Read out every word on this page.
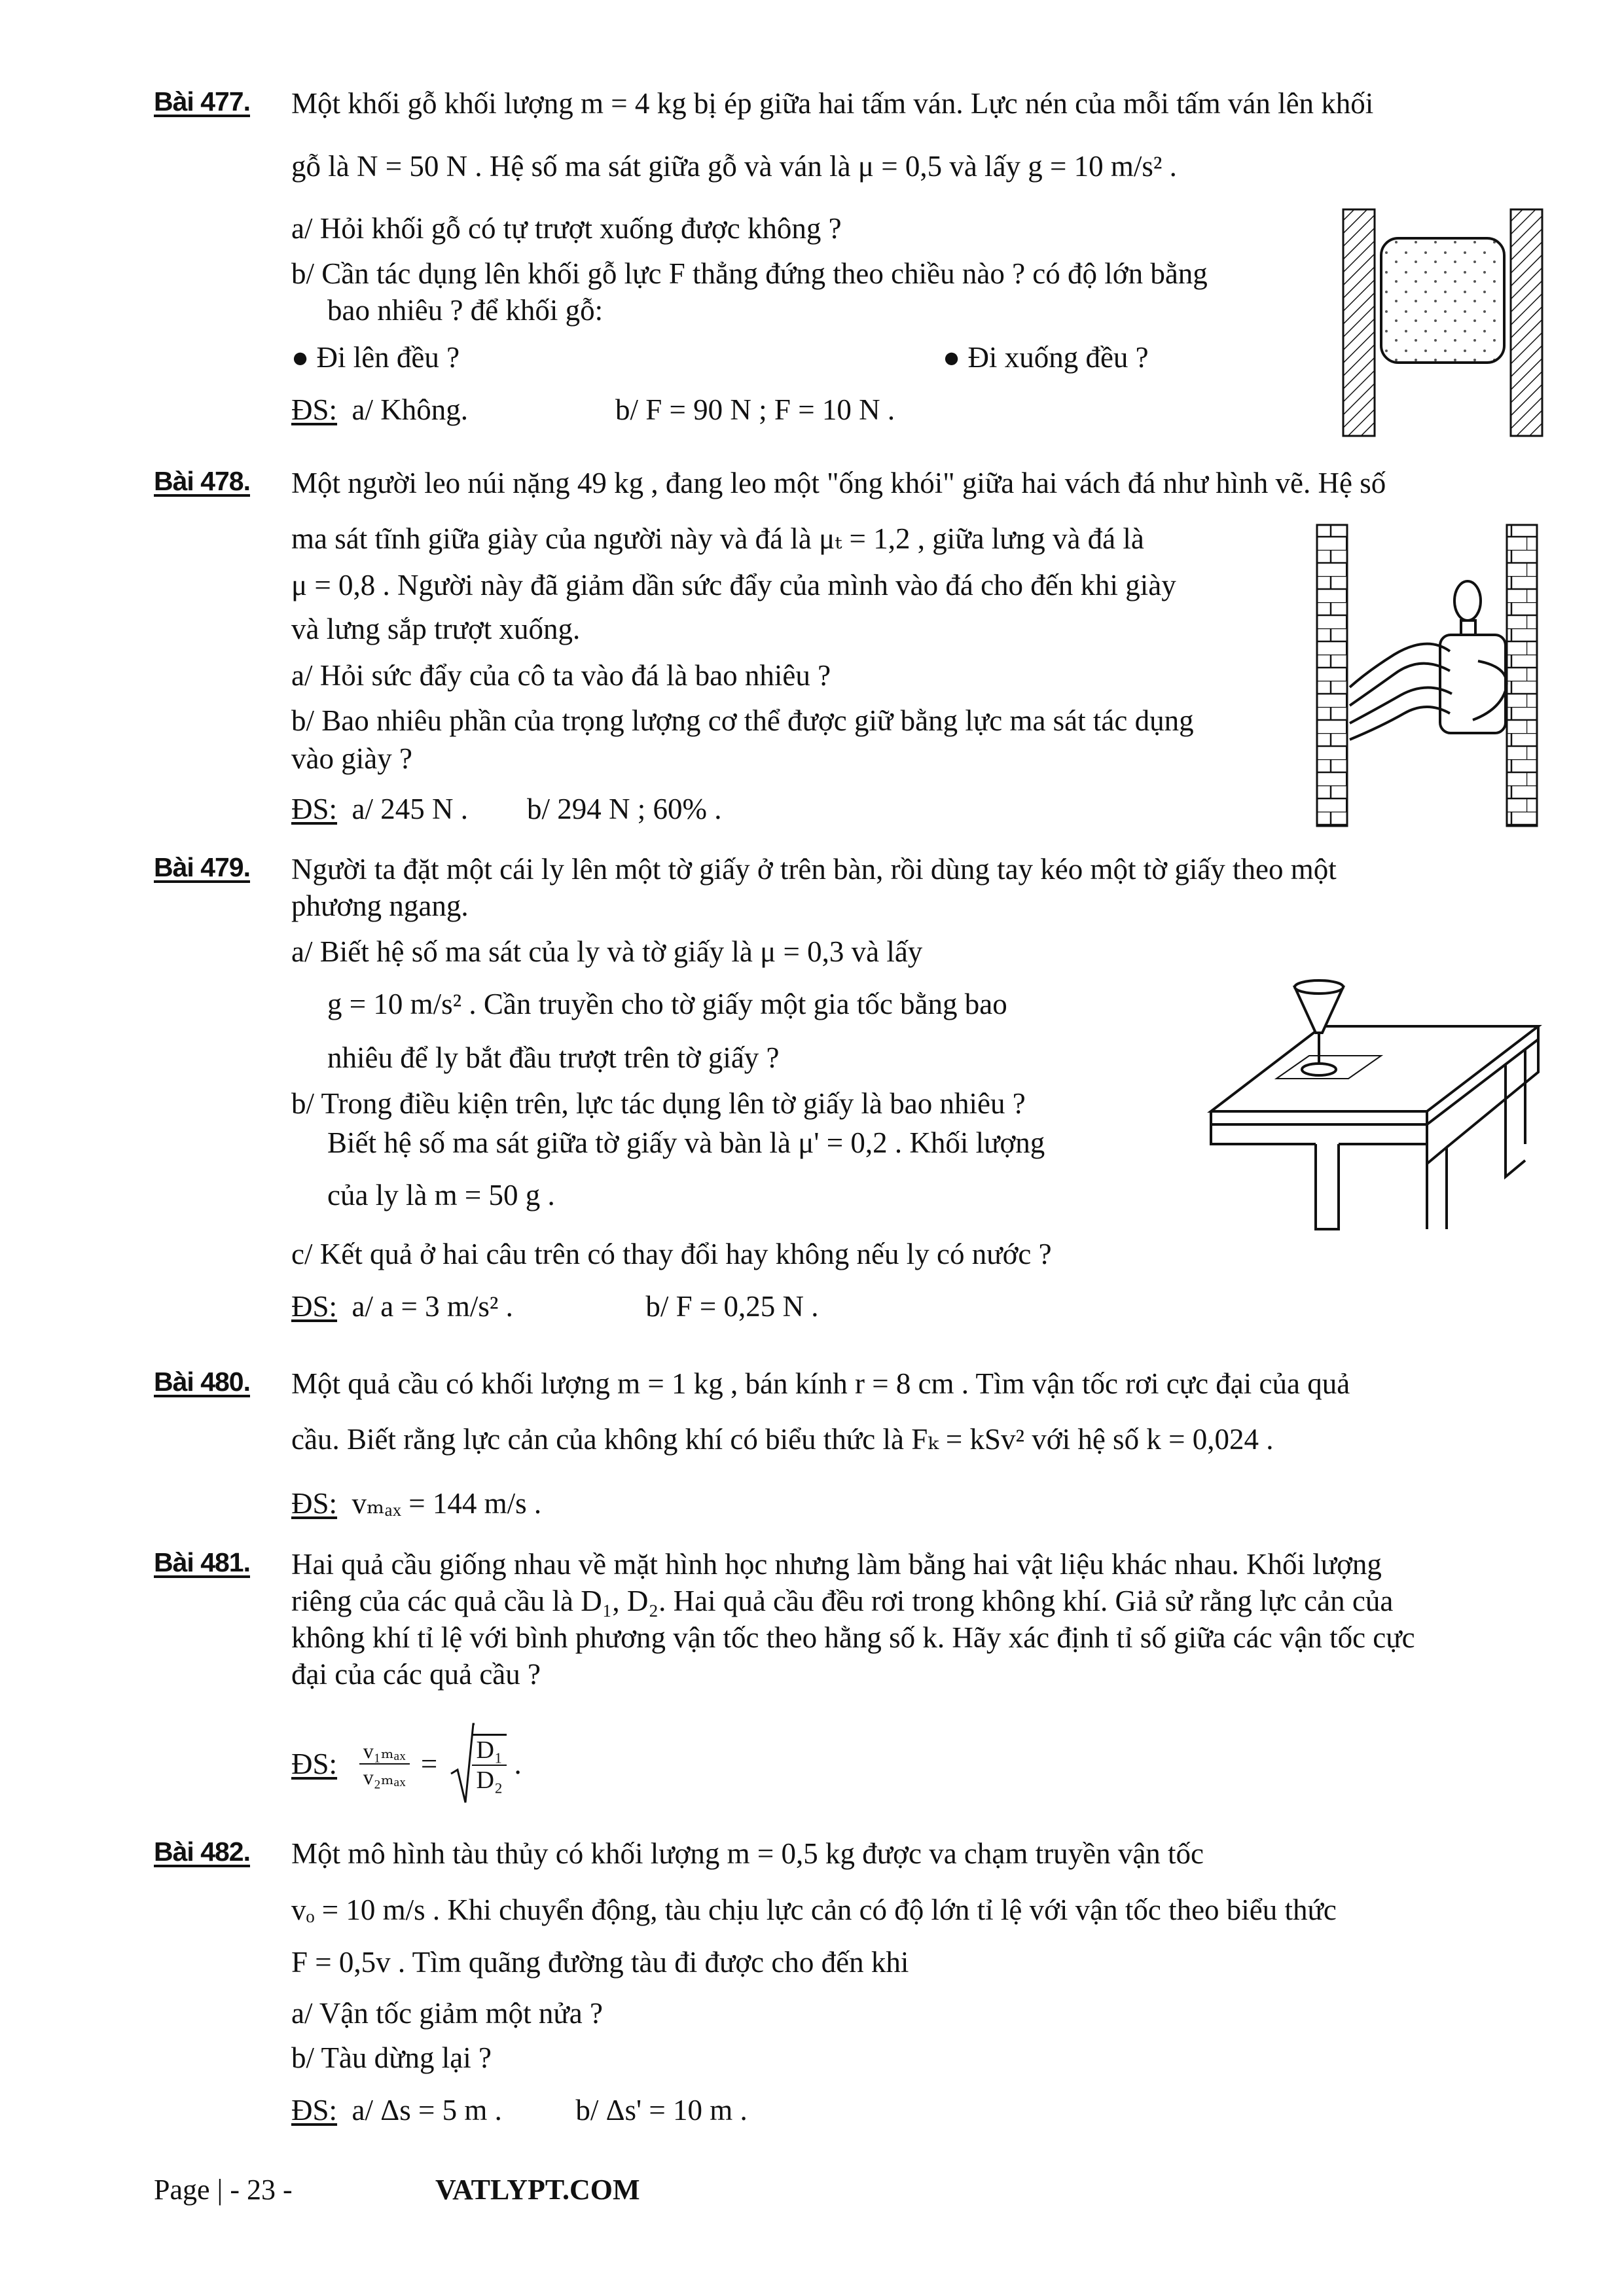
Bài 477. Một khối gỗ khối lượng m = 4 kg bị ép giữa hai tấm ván. Lực nén của mỗi tấm ván lên khối
gỗ là N = 50 N . Hệ số ma sát giữa gỗ và ván là μ = 0,5 và lấy g = 10 m/s² .
a/ Hỏi khối gỗ có tự trượt xuống được không ?
b/ Cần tác dụng lên khối gỗ lực F thẳng đứng theo chiều nào ? có độ lớn bằng
bao nhiêu ? để khối gỗ:
● Đi lên đều ?	● Đi xuống đều ?
ĐS: a/ Không.                    b/ F = 90 N ; F = 10 N .
Bài 478. Một người leo núi nặng 49 kg , đang leo một "ống khói" giữa hai vách đá như hình vẽ. Hệ số
ma sát tĩnh giữa giày của người này và đá là μₜ = 1,2 , giữa lưng và đá là
μ = 0,8 . Người này đã giảm dần sức đẩy của mình vào đá cho đến khi giày
và lưng sắp trượt xuống.
a/ Hỏi sức đẩy của cô ta vào đá là bao nhiêu ?
b/ Bao nhiêu phần của trọng lượng cơ thể được giữ bằng lực ma sát tác dụng
vào giày ?
ĐS: a/ 245 N .        b/ 294 N ; 60% .
Bài 479. Người ta đặt một cái ly lên một tờ giấy ở trên bàn, rồi dùng tay kéo một tờ giấy theo một
phương ngang.
a/ Biết hệ số ma sát của ly và tờ giấy là μ = 0,3 và lấy
g = 10 m/s² . Cần truyền cho tờ giấy một gia tốc bằng bao
nhiêu để ly bắt đầu trượt trên tờ giấy ?
b/ Trong điều kiện trên, lực tác dụng lên tờ giấy là bao nhiêu ?
Biết hệ số ma sát giữa tờ giấy và bàn là μ' = 0,2 . Khối lượng
của ly là m = 50 g .
c/ Kết quả ở hai câu trên có thay đổi hay không nếu ly có nước ?
ĐS: a/ a = 3 m/s² .                  b/ F = 0,25 N .
Bài 480. Một quả cầu có khối lượng m = 1 kg , bán kính r = 8 cm . Tìm vận tốc rơi cực đại của quả
cầu. Biết rằng lực cản của không khí có biểu thức là Fₖ = kSv² với hệ số k = 0,024 .
ĐS: vₘₐₓ = 144 m/s .
Bài 481. Hai quả cầu giống nhau về mặt hình học nhưng làm bằng hai vật liệu khác nhau. Khối lượng
riêng của các quả cầu là D₁, D₂. Hai quả cầu đều rơi trong không khí. Giả sử rằng lực cản của
không khí tỉ lệ với bình phương vận tốc theo hằng số k. Hãy xác định tỉ số giữa các vận tốc cực
đại của các quả cầu ?
ĐS: $\frac{\text{v₁ₘₐₓ}}{\text{v₂ₘₐₓ}} = \frac{\text{D₁}}{\text{D₂}}$ .
Bài 482. Một mô hình tàu thủy có khối lượng m = 0,5 kg được va chạm truyền vận tốc
vₒ = 10 m/s . Khi chuyển động, tàu chịu lực cản có độ lớn tỉ lệ với vận tốc theo biểu thức
F = 0,5v . Tìm quãng đường tàu đi được cho đến khi
a/ Vận tốc giảm một nửa ?
b/ Tàu dừng lại ?
ĐS: a/ Δs = 5 m .          b/ Δs' = 10 m .
Page | - 23 -	VATLYPT.COM
